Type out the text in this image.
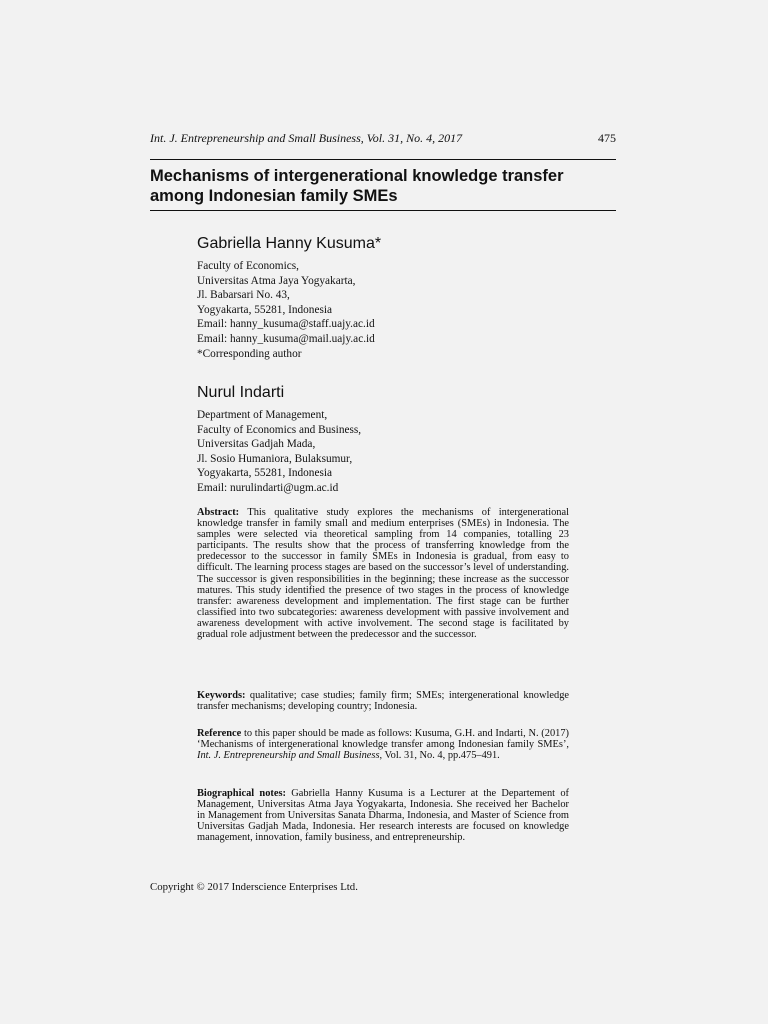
Int. J. Entrepreneurship and Small Business, Vol. 31, No. 4, 2017	475
Mechanisms of intergenerational knowledge transfer
among Indonesian family SMEs
Gabriella Hanny Kusuma*
Faculty of Economics,
Universitas Atma Jaya Yogyakarta,
Jl. Babarsari No. 43,
Yogyakarta, 55281, Indonesia
Email: hanny_kusuma@staff.uajy.ac.id
Email: hanny_kusuma@mail.uajy.ac.id
*Corresponding author
Nurul Indarti
Department of Management,
Faculty of Economics and Business,
Universitas Gadjah Mada,
Jl. Sosio Humaniora, Bulaksumur,
Yogyakarta, 55281, Indonesia
Email: nurulindarti@ugm.ac.id

Abstract: This qualitative study explores the mechanisms of intergenerational knowledge transfer in family small and medium enterprises (SMEs) in Indonesia. The samples were selected via theoretical sampling from 14 companies, totalling 23 participants. The results show that the process of transferring knowledge from the predecessor to the successor in family SMEs in Indonesia is gradual, from easy to difficult. The learning process stages are based on the successor’s level of understanding. The successor is given responsibilities in the beginning; these increase as the successor matures. This study identified the presence of two stages in the process of knowledge transfer: awareness development and implementation. The first stage can be further classified into two subcategories: awareness development with passive involvement and awareness development with active involvement. The second stage is facilitated by gradual role adjustment between the predecessor and the successor.

Keywords: qualitative; case studies; family firm; SMEs; intergenerational knowledge transfer mechanisms; developing country; Indonesia.

Reference to this paper should be made as follows: Kusuma, G.H. and Indarti, N. (2017) ‘Mechanisms of intergenerational knowledge transfer among Indonesian family SMEs’, Int. J. Entrepreneurship and Small Business, Vol. 31, No. 4, pp.475–491.

Biographical notes: Gabriella Hanny Kusuma is a Lecturer at the Departement of Management, Universitas Atma Jaya Yogyakarta, Indonesia. She received her Bachelor in Management from Universitas Sanata Dharma, Indonesia, and Master of Science from Universitas Gadjah Mada, Indonesia. Her research interests are focused on knowledge management, innovation, family business, and entrepreneurship.

Copyright © 2017 Inderscience Enterprises Ltd.
